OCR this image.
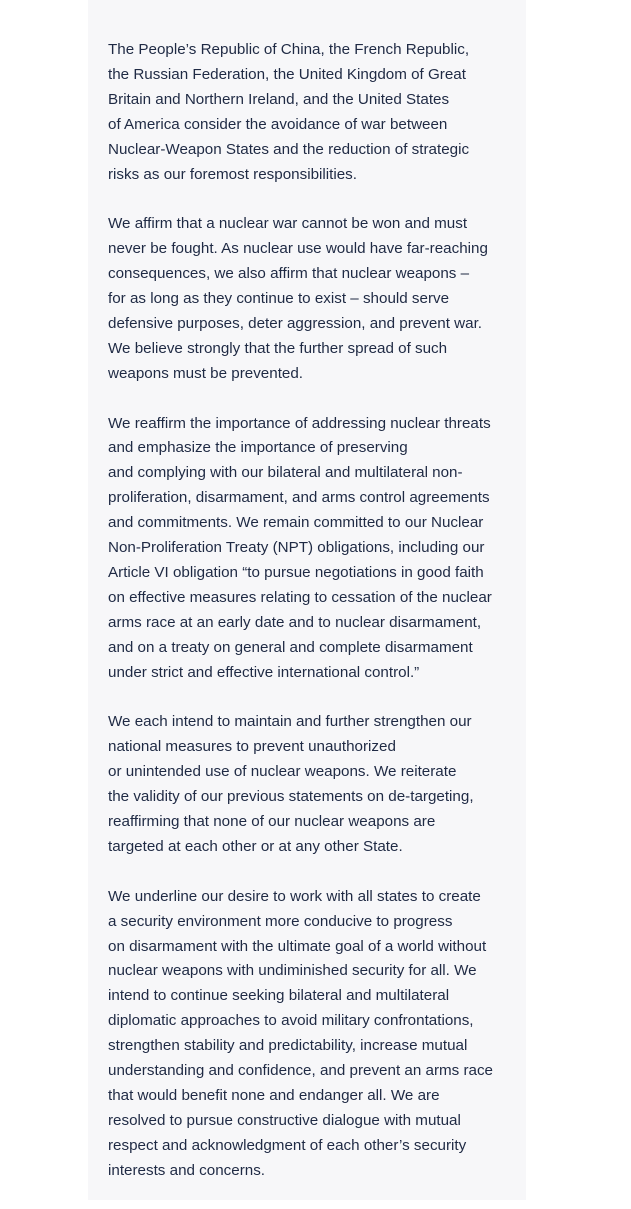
The People’s Republic of China, the French Republic,
the Russian Federation, the United Kingdom of Great
Britain and Northern Ireland, and the United States
of America consider the avoidance of war between
Nuclear-Weapon States and the reduction of strategic
risks as our foremost responsibilities.
We affirm that a nuclear war cannot be won and must
never be fought. As nuclear use would have far-reaching
consequences, we also affirm that nuclear weapons –
for as long as they continue to exist – should serve
defensive purposes, deter aggression, and prevent war.
We believe strongly that the further spread of such
weapons must be prevented.
We reaffirm the importance of addressing nuclear threats
and emphasize the importance of preserving
and complying with our bilateral and multilateral non-
proliferation, disarmament, and arms control agreements
and commitments. We remain committed to our Nuclear
Non-Proliferation Treaty (NPT) obligations, including our
Article VI obligation “to pursue negotiations in good faith
on effective measures relating to cessation of the nuclear
arms race at an early date and to nuclear disarmament,
and on a treaty on general and complete disarmament
under strict and effective international control.”
We each intend to maintain and further strengthen our
national measures to prevent unauthorized
or unintended use of nuclear weapons. We reiterate
the validity of our previous statements on de-targeting,
reaffirming that none of our nuclear weapons are
targeted at each other or at any other State.
We underline our desire to work with all states to create
a security environment more conducive to progress
on disarmament with the ultimate goal of a world without
nuclear weapons with undiminished security for all. We
intend to continue seeking bilateral and multilateral
diplomatic approaches to avoid military confrontations,
strengthen stability and predictability, increase mutual
understanding and confidence, and prevent an arms race
that would benefit none and endanger all. We are
resolved to pursue constructive dialogue with mutual
respect and acknowledgment of each other’s security
interests and concerns.
